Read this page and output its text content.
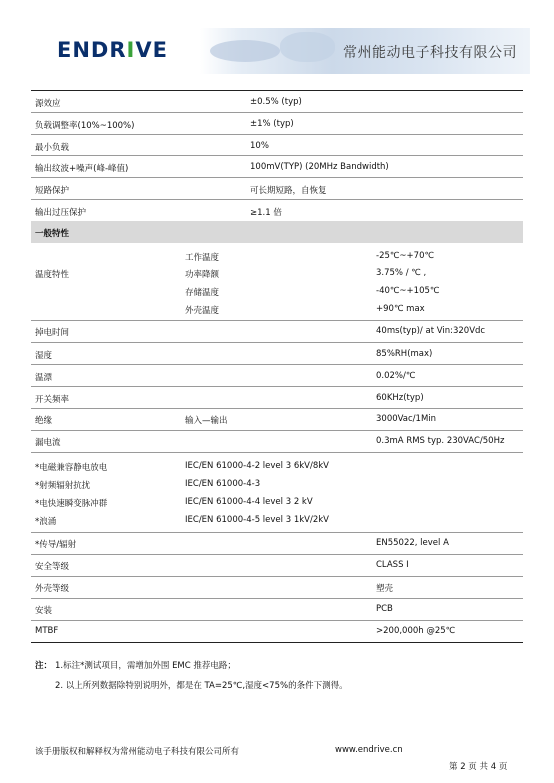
ENDRIVE	常州能动电子科技有限公司
源效应	±0.5% (typ)
负载调整率(10%~100%)	±1% (typ)
最小负载	10%
输出纹波+噪声(峰-峰值)	100mV(TYP) (20MHz Bandwidth)
短路保护	可长期短路，自恢复
输出过压保护	≥1.1 倍
一般特性
温度特性
工作温度	-25℃~+70℃
功率降额	3.75% / ℃ ,
存储温度	-40℃~+105℃
外壳温度	+90℃ max
掉电时间	40ms(typ)/ at Vin:320Vdc
湿度	85%RH(max)
温漂	0.02%/℃
开关频率	60KHz(typ)
绝缘	输入—输出	3000Vac/1Min
漏电流	0.3mA RMS typ. 230VAC/50Hz
*电磁兼容静电放电	IEC/EN 61000-4-2 level 3 6kV/8kV
*射频辐射抗扰	IEC/EN 61000-4-3
*电快速瞬变脉冲群	IEC/EN 61000-4-4 level 3 2 kV
*浪涌	IEC/EN 61000-4-5 level 3 1kV/2kV
*传导/辐射	EN55022, level A
安全等级	CLASS Ⅰ
外壳等级	塑壳
安装	PCB
MTBF	>200,000h @25℃
注： 1.标注*测试项目，需增加外围 EMC 推荐电路；
2. 以上所列数据除特别说明外，都是在 TA=25℃,湿度<75%的条件下测得。
该手册版权和解释权为常州能动电子科技有限公司所有	www.endrive.cn
第 2 页 共 4 页
